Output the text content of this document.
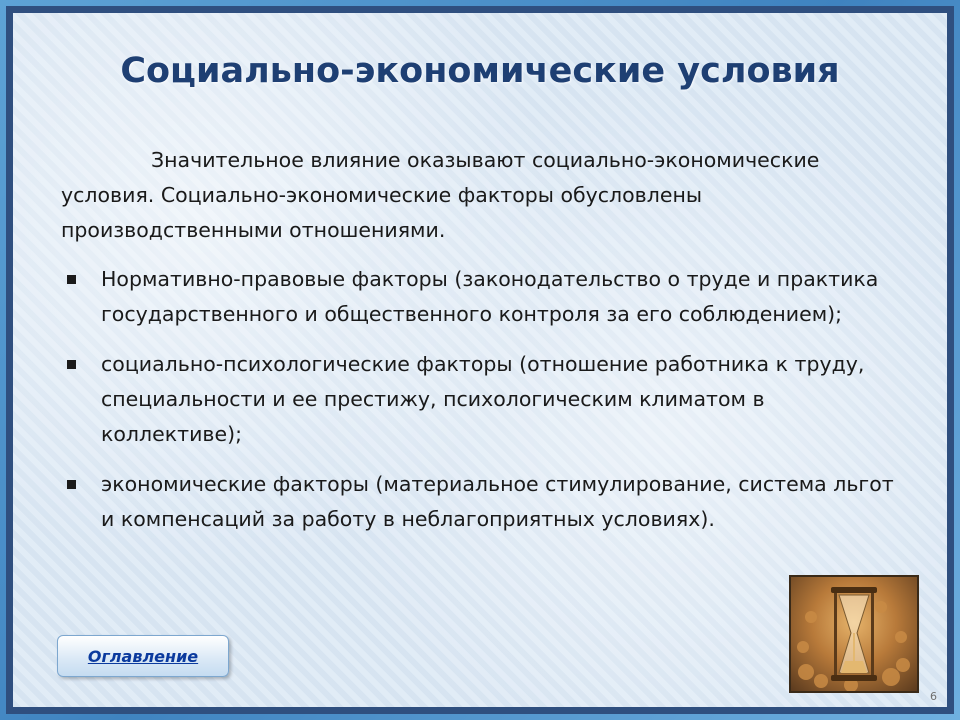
Социально-экономические условия

Значительное влияние оказывают социально-экономические условия. Социально-экономические факторы обусловлены производственными отношениями.

Нормативно-правовые факторы (законодательство о труде и практика государственного и общественного контроля за его соблюдением);
социально-психологические факторы (отношение работника к труду, специальности и ее престижу, психологическим климатом в коллективе);
экономические факторы (материальное стимулирование, система льгот и компенсаций за работу в неблагоприятных условиях).
Оглавление
6
